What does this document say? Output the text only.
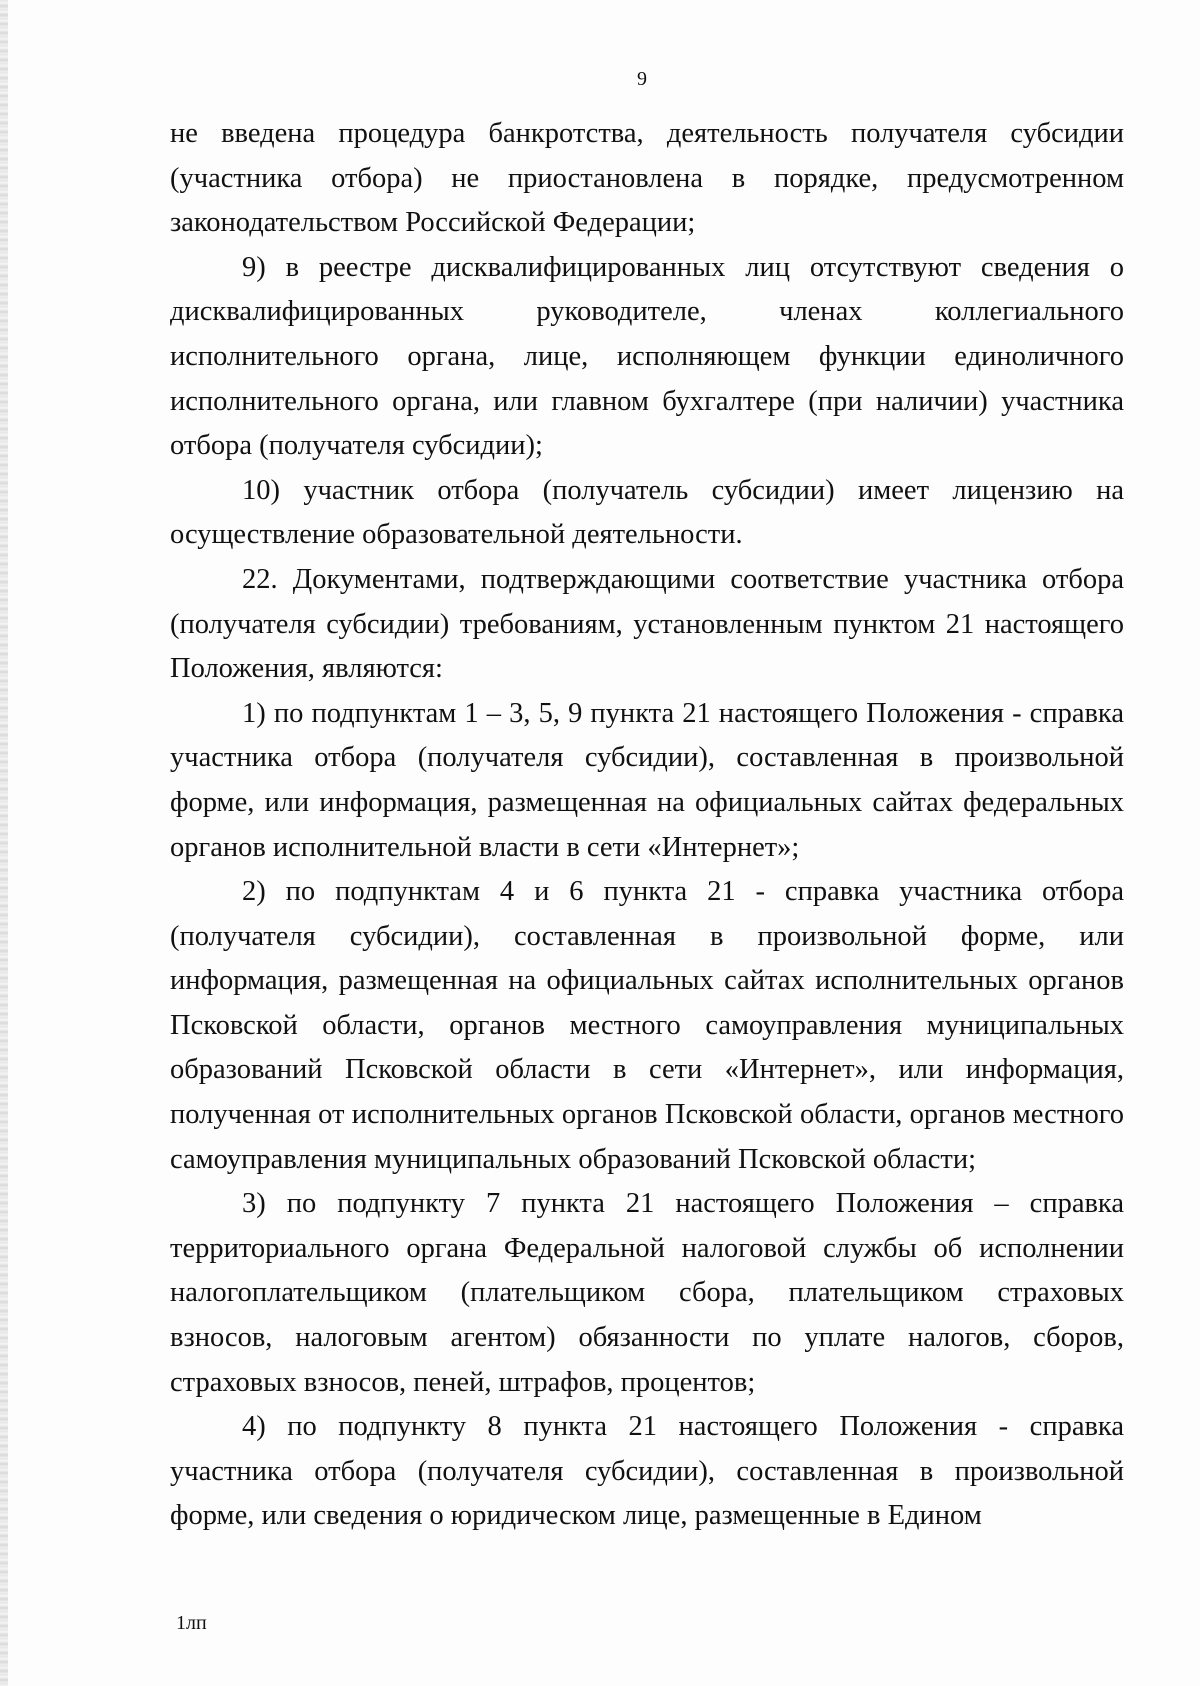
9

не введена процедура банкротства, деятельность получателя субсидии (участника отбора) не приостановлена в порядке, предусмотренном законодательством Российской Федерации;

9) в реестре дисквалифицированных лиц отсутствуют сведения о дисквалифицированных руководителе, членах коллегиального исполнительного органа, лице, исполняющем функции единоличного исполнительного органа, или главном бухгалтере (при наличии) участника отбора (получателя субсидии);

10) участник отбора (получатель субсидии) имеет лицензию на осуществление образовательной деятельности.

22. Документами, подтверждающими соответствие участника отбора (получателя субсидии) требованиям, установленным пунктом 21 настоящего Положения, являются:

1) по подпунктам 1 – 3, 5, 9 пункта 21 настоящего Положения - справка участника отбора (получателя субсидии), составленная в произвольной форме, или информация, размещенная на официальных сайтах федеральных органов исполнительной власти в сети «Интернет»;

2) по подпунктам 4 и 6 пункта 21 - справка участника отбора (получателя субсидии), составленная в произвольной форме, или информация, размещенная на официальных сайтах исполнительных органов Псковской области, органов местного самоуправления муниципальных образований Псковской области в сети «Интернет», или информация, полученная от исполнительных органов Псковской области, органов местного самоуправления муниципальных образований Псковской области;

3) по подпункту 7 пункта 21 настоящего Положения – справка территориального органа Федеральной налоговой службы об исполнении налогоплательщиком (плательщиком сбора, плательщиком страховых взносов, налоговым агентом) обязанности по уплате налогов, сборов, страховых взносов, пеней, штрафов, процентов;

4) по подпункту 8 пункта 21 настоящего Положения - справка участника отбора (получателя субсидии), составленная в произвольной форме, или сведения о юридическом лице, размещенные в Едином

1лп
